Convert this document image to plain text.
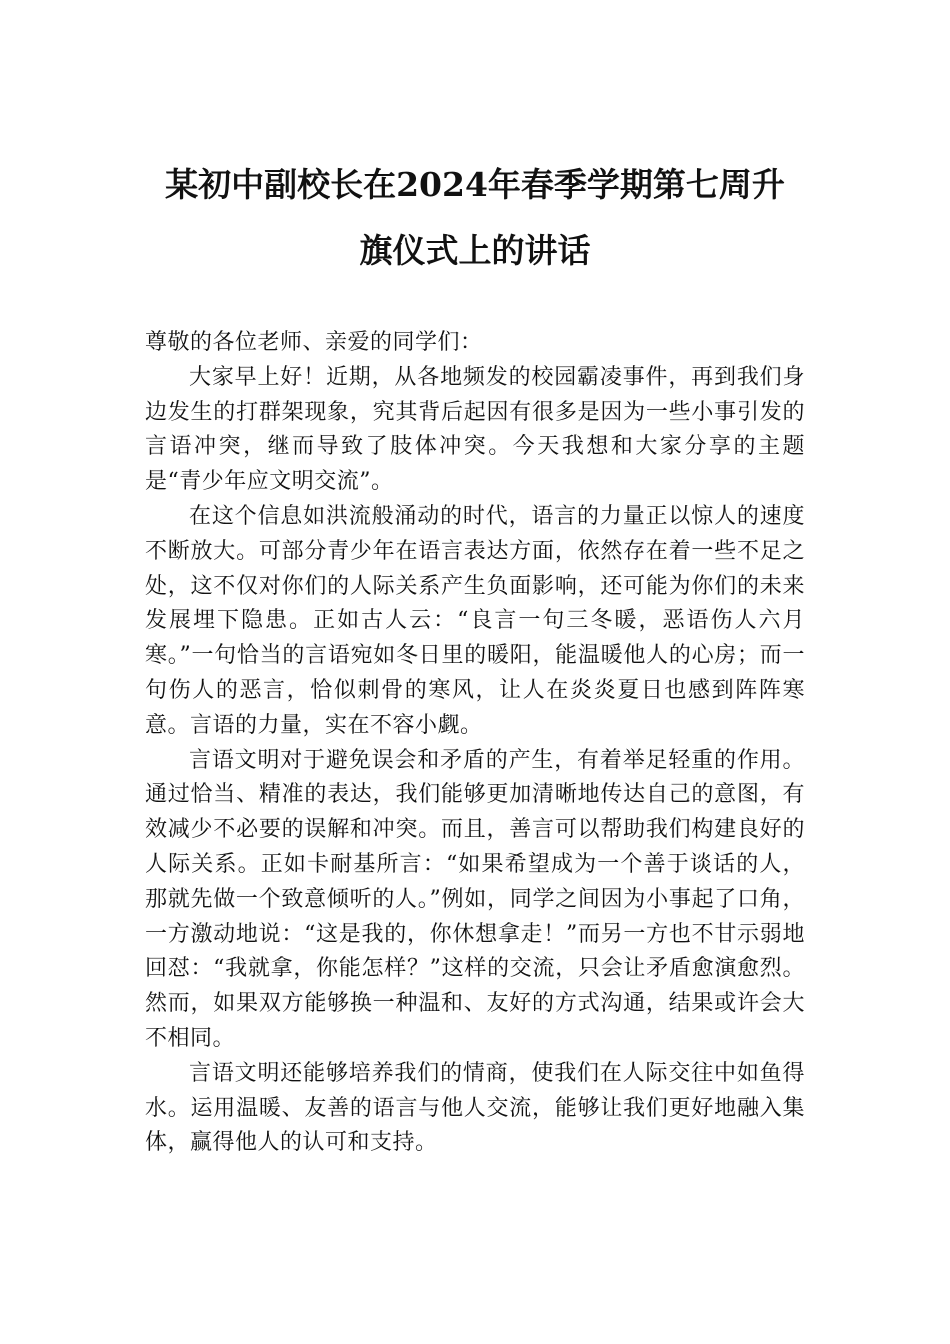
某初中副校长在2024年春季学期第七周升
旗仪式上的讲话

尊敬的各位老师、亲爱的同学们：

大家早上好！近期，从各地频发的校园霸凌事件，再到我们身边发生的打群架现象，究其背后起因有很多是因为一些小事引发的言语冲突，继而导致了肢体冲突。今天我想和大家分享的主题是“青少年应文明交流”。

在这个信息如洪流般涌动的时代，语言的力量正以惊人的速度不断放大。可部分青少年在语言表达方面，依然存在着一些不足之处，这不仅对你们的人际关系产生负面影响，还可能为你们的未来发展埋下隐患。正如古人云：“良言一句三冬暖，恶语伤人六月寒。”一句恰当的言语宛如冬日里的暖阳，能温暖他人的心房；而一句伤人的恶言，恰似刺骨的寒风，让人在炎炎夏日也感到阵阵寒意。言语的力量，实在不容小觑。

言语文明对于避免误会和矛盾的产生，有着举足轻重的作用。通过恰当、精准的表达，我们能够更加清晰地传达自己的意图，有效减少不必要的误解和冲突。而且，善言可以帮助我们构建良好的人际关系。正如卡耐基所言：“如果希望成为一个善于谈话的人，那就先做一个致意倾听的人。”例如，同学之间因为小事起了口角，一方激动地说：“这是我的，你休想拿走！”而另一方也不甘示弱地回怼：“我就拿，你能怎样？”这样的交流，只会让矛盾愈演愈烈。然而，如果双方能够换一种温和、友好的方式沟通，结果或许会大不相同。

言语文明还能够培养我们的情商，使我们在人际交往中如鱼得水。运用温暖、友善的语言与他人交流，能够让我们更好地融入集体，赢得他人的认可和支持。
